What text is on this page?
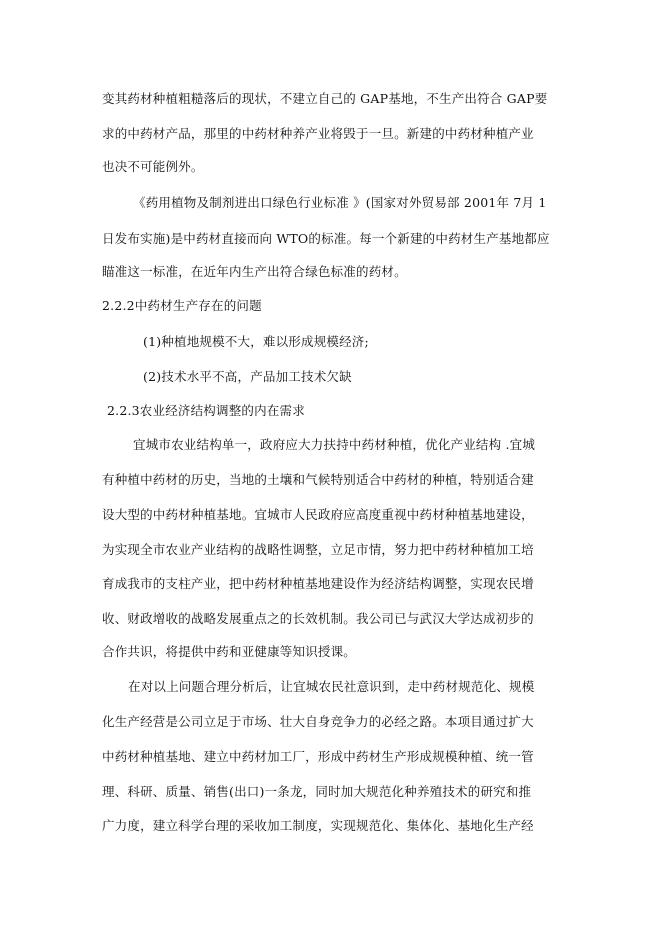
变其药材种植粗糙落后的现状，不建立自己的 GAP基地，不生产出符合 GAP要
求的中药材产品，那里的中药材种养产业将毁于一旦。新建的中药材种植产业
也决不可能例外。
《药用植物及制剂进出口绿色行业标准 》(国家对外贸易部 2001年 7月 1
日发布实施)是中药材直接而向 WTO的标准。每一个新建的中药材生产基地都应
瞄准这一标准，在近年内生产出符合绿色标准的药材。
2.2.2中药材生产存在的问题
(1)种植地规模不大，难以形成规模经济;
(2)技术水平不高，产品加工技术欠缺
2.2.3农业经济结构调整的内在需求
宜城市农业结构单一，政府应大力扶持中药材种植，优化产业结构 .宜城
有种植中药材的历史，当地的土壤和气候特别适合中药材的种植，特别适合建
设大型的中药材种植基地。宜城市人民政府应高度重视中药材种植基地建设，
为实现全市农业产业结构的战略性调整，立足市情，努力把中药材种植加工培
育成我市的支柱产业，把中药材种植基地建设作为经济结构调整，实现农民增
收、财政增收的战略发展重点之的长效机制。我公司已与武汉大学达成初步的
合作共识，将提供中药和亚健康等知识授课。
在对以上问题合理分析后，让宜城农民社意识到，走中药材规范化、规模
化生产经营是公司立足于市场、壮大自身竞争力的必经之路。本项目通过扩大
中药材种植基地、建立中药材加工厂，形成中药材生产形成规模种植、统一管
理、科研、质量、销售(出口)一条龙，同时加大规范化种养殖技术的研究和推
广力度，建立科学台理的采收加工制度，实现规范化、集体化、基地化生产经
